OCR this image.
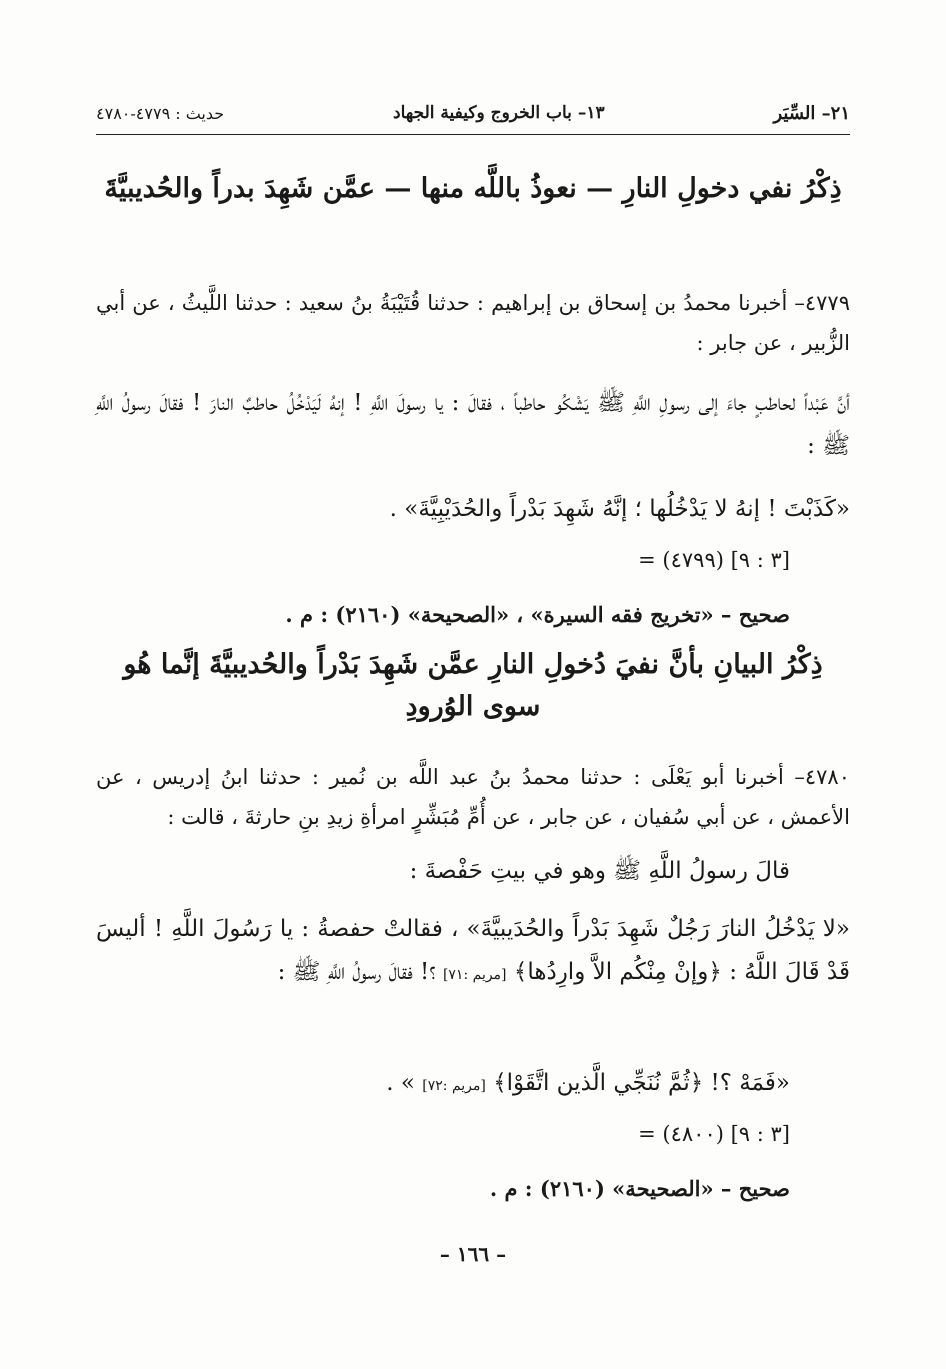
٢١– السِّيَر
١٣– باب الخروج وكيفية الجهاد
حديث : ٤٧٧٩-٤٧٨٠
ذِكْرُ نفي دخولِ النارِ — نعوذُ باللَّه منها — عمَّن شَهِدَ بدراً والحُديبيَّةَ
٤٧٧٩– أخبرنا محمدُ بن إسحاق بن إبراهيم : حدثنا قُتَيْبَةُ بنُ سعيد : حدثنا اللَّيثُ ، عن أبي الزُّبير ، عن جابر :
أنَّ عَبْداً لحاطبٍ جاءَ إلى رسولِ اللَّهِ ﷺ يَشْكُو حاطباً ، فقالَ : يا رسولَ اللَّهِ ! إنهُ لَيَدْخُلُ حاطبٌ النارَ ! فقالَ رسولُ اللَّهِ ﷺ :
«كَذَبْتَ ! إنهُ لا يَدْخُلُها ؛ إنَّهُ شَهِدَ بَدْراً والحُدَيْبِيَّةَ» .
= (٤٧٩٩) [٣ : ٩]
صحيح – «تخريج فقه السيرة» ، «الصحيحة» (٢١٦٠) : م .
ذِكْرُ البيانِ بأنَّ نفيَ دُخولِ النارِ عمَّن شَهِدَ بَدْراً والحُديبيَّةَ إنَّما هُو سوى الوُرودِ
٤٧٨٠– أخبرنا أبو يَعْلَى : حدثنا محمدُ بنُ عبد اللَّه بن نُمير : حدثنا ابنُ إدريس ، عن الأعمش ، عن أبي سُفيان ، عن جابر ، عن أُمِّ مُبَشِّرٍ امرأةِ زيدِ بنِ حارثةَ ، قالت :
قالَ رسولُ اللَّهِ ﷺ وهو في بيتِ حَفْصةَ :
«لا يَدْخُلُ النارَ رَجُلٌ شَهِدَ بَدْراً والحُدَيبيَّةَ» ، فقالتْ حفصةُ : يا رَسُولَ اللَّهِ ! أليسَ قَدْ قَالَ اللَّهُ : ﴿وإنْ مِنْكُم الاَّ وارِدُها﴾ [مريم :٧١] ؟! فقالَ رسولُ اللَّهِ ﷺ :
«فَمَهْ ؟! ﴿ثُمَّ نُنَجِّي الَّذين اتَّقَوْا﴾ [مريم :٧٢] » .
= (٤٨٠٠) [٣ : ٩]
صحيح – «الصحيحة» (٢١٦٠) : م .
– ١٦٦ –
